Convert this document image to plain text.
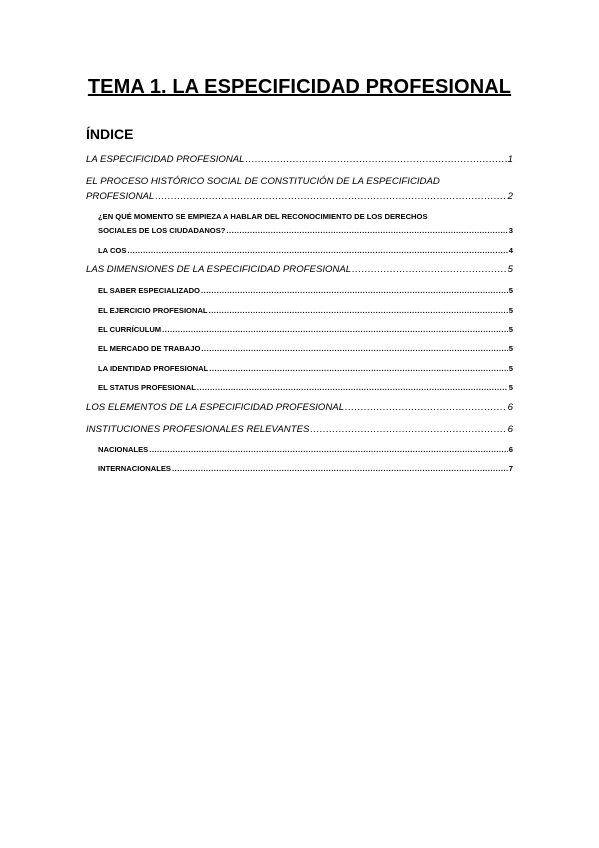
TEMA 1. LA ESPECIFICIDAD PROFESIONAL
ÍNDICE
LA ESPECIFICIDAD PROFESIONAL .....	1
EL PROCESO HISTÓRICO SOCIAL DE CONSTITUCIÓN DE LA ESPECIFICIDAD
PROFESIONAL .....	2
¿EN QUÉ MOMENTO SE EMPIEZA A HABLAR DEL RECONOCIMIENTO DE LOS DERECHOS
SOCIALES DE LOS CIUDADANOS? .....	3
LA COS .....	4
LAS DIMENSIONES DE LA ESPECIFICIDAD PROFESIONAL .....	5
EL SABER ESPECIALIZADO .....	5
EL EJERCICIO PROFESIONAL .....	5
EL CURRÍCULUM .....	5
EL MERCADO DE TRABAJO .....	5
LA IDENTIDAD PROFESIONAL .....	5
EL STATUS PROFESIONAL .....	5
LOS ELEMENTOS DE LA ESPECIFICIDAD PROFESIONAL .....	6
INSTITUCIONES PROFESIONALES RELEVANTES .....	6
NACIONALES .....	6
INTERNACIONALES .....	7
